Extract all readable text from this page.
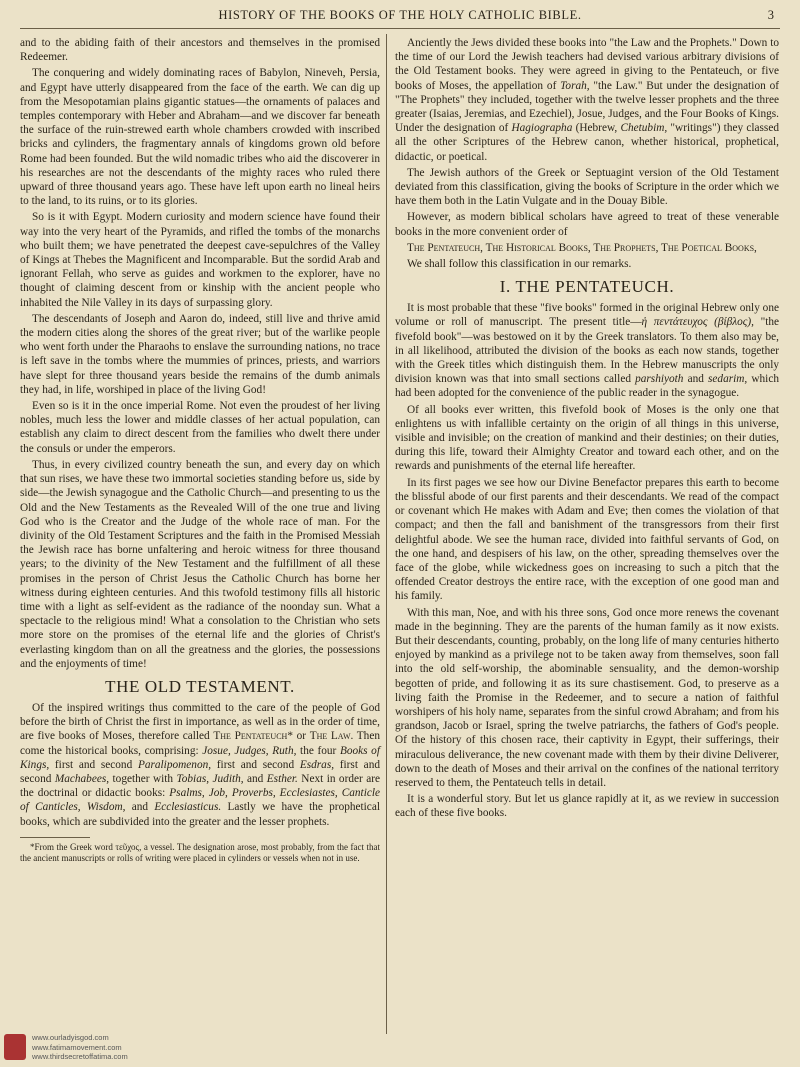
HISTORY OF THE BOOKS OF THE HOLY CATHOLIC BIBLE.	3

and to the abiding faith of their ancestors and themselves in the promised Redeemer.

The conquering and widely dominating races of Babylon, Nineveh, Persia, and Egypt have utterly disappeared from the face of the earth. We can dig up from the Mesopotamian plains gigantic statues—the ornaments of palaces and temples contemporary with Heber and Abraham—and we discover far beneath the surface of the ruin-strewed earth whole chambers crowded with inscribed bricks and cylinders, the fragmentary annals of kingdoms grown old before Rome had been founded. But the wild nomadic tribes who aid the discoverer in his researches are not the descendants of the mighty races who ruled there upward of three thousand years ago. These have left upon earth no lineal heirs to the land, to its ruins, or to its glories.

So is it with Egypt. Modern curiosity and modern science have found their way into the very heart of the Pyramids, and rifled the tombs of the monarchs who built them; we have penetrated the deepest cave-sepulchres of the Valley of Kings at Thebes the Magnificent and Incomparable. But the sordid Arab and ignorant Fellah, who serve as guides and workmen to the explorer, have no thought of claiming descent from or kinship with the ancient people who inhabited the Nile Valley in its days of surpassing glory.

The descendants of Joseph and Aaron do, indeed, still live and thrive amid the modern cities along the shores of the great river; but of the warlike people who went forth under the Pharaohs to enslave the surrounding nations, no trace is left save in the tombs where the mummies of princes, priests, and warriors have slept for three thousand years beside the remains of the dumb animals they had, in life, worshiped in place of the living God!

Even so is it in the once imperial Rome. Not even the proudest of her living nobles, much less the lower and middle classes of her actual population, can establish any claim to direct descent from the families who dwelt there under the consuls or under the emperors.

Thus, in every civilized country beneath the sun, and every day on which that sun rises, we have these two immortal societies standing before us, side by side—the Jewish synagogue and the Catholic Church—and presenting to us the Old and the New Testaments as the Revealed Will of the one true and living God who is the Creator and the Judge of the whole race of man. For the divinity of the Old Testament Scriptures and the faith in the Promised Messiah the Jewish race has borne unfaltering and heroic witness for three thousand years; to the divinity of the New Testament and the fulfillment of all these promises in the person of Christ Jesus the Catholic Church has borne her witness during eighteen centuries. And this twofold testimony fills all historic time with a light as self-evident as the radiance of the noonday sun. What a spectacle to the religious mind! What a consolation to the Christian who sets more store on the promises of the eternal life and the glories of Christ's everlasting kingdom than on all the greatness and the glories, the possessions and the enjoyments of time!

THE OLD TESTAMENT.

Of the inspired writings thus committed to the care of the people of God before the birth of Christ the first in importance, as well as in the order of time, are five books of Moses, therefore called The Pentateuch* or The Law. Then come the historical books, comprising: Josue, Judges, Ruth, the four Books of Kings, first and second Paralipomenon, first and second Esdras, first and second Machabees, together with Tobias, Judith, and Esther. Next in order are the doctrinal or didactic books: Psalms, Job, Proverbs, Ecclesiastes, Canticle of Canticles, Wisdom, and Ecclesiasticus. Lastly we have the prophetical books, which are subdivided into the greater and the lesser prophets.

*From the Greek word τεῦχος, a vessel. The designation arose, most probably, from the fact that the ancient manuscripts or rolls of writing were placed in cylinders or vessels when not in use.

Anciently the Jews divided these books into "the Law and the Prophets." Down to the time of our Lord the Jewish teachers had devised various arbitrary divisions of the Old Testament books. They were agreed in giving to the Pentateuch, or five books of Moses, the appellation of Torah, "the Law." But under the designation of "The Prophets" they included, together with the twelve lesser prophets and the three greater (Isaias, Jeremias, and Ezechiel), Josue, Judges, and the Four Books of Kings. Under the designation of Hagiographa (Hebrew, Chetubim, "writings") they classed all the other Scriptures of the Hebrew canon, whether historical, prophetical, didactic, or poetical.

The Jewish authors of the Greek or Septuagint version of the Old Testament deviated from this classification, giving the books of Scripture in the order which we have them both in the Latin Vulgate and in the Douay Bible.

However, as modern biblical scholars have agreed to treat of these venerable books in the more convenient order of

The Pentateuch, The Historical Books, The Prophets, The Poetical Books,

We shall follow this classification in our remarks.

I. THE PENTATEUCH.

It is most probable that these "five books" formed in the original Hebrew only one volume or roll of manuscript. The present title—ἡ πεντάτευχος (βίβλος), "the fivefold book"—was bestowed on it by the Greek translators. To them also may be, in all likelihood, attributed the division of the books as each now stands, together with the Greek titles which distinguish them. In the Hebrew manuscripts the only division known was that into small sections called parshiyoth and sedarim, which had been adopted for the convenience of the public reader in the synagogue.

Of all books ever written, this fivefold book of Moses is the only one that enlightens us with infallible certainty on the origin of all things in this universe, visible and invisible; on the creation of mankind and their destinies; on their duties, during this life, toward their Almighty Creator and toward each other, and on the rewards and punishments of the eternal life hereafter.

In its first pages we see how our Divine Benefactor prepares this earth to become the blissful abode of our first parents and their descendants. We read of the compact or covenant which He makes with Adam and Eve; then comes the violation of that compact; and then the fall and banishment of the transgressors from their first delightful abode. We see the human race, divided into faithful servants of God, on the one hand, and despisers of his law, on the other, spreading themselves over the face of the globe, while wickedness goes on increasing to such a pitch that the offended Creator destroys the entire race, with the exception of one good man and his family.

With this man, Noe, and with his three sons, God once more renews the covenant made in the beginning. They are the parents of the human family as it now exists. But their descendants, counting, probably, on the long life of many centuries hitherto enjoyed by mankind as a privilege not to be taken away from themselves, soon fall into the old self-worship, the abominable sensuality, and the demon-worship begotten of pride, and following it as its sure chastisement. God, to preserve as a living faith the Promise in the Redeemer, and to secure a nation of faithful worshipers of his holy name, separates from the sinful crowd Abraham; and from his grandson, Jacob or Israel, spring the twelve patriarchs, the fathers of God's people. Of the history of this chosen race, their captivity in Egypt, their sufferings, their miraculous deliverance, the new covenant made with them by their divine Deliverer, down to the death of Moses and their arrival on the confines of the national territory reserved to them, the Pentateuch tells in detail.

It is a wonderful story. But let us glance rapidly at it, as we review in succession each of these five books.

www.ourladyisgod.com
www.fatimamovement.com
www.thirdsecretoffatima.com
